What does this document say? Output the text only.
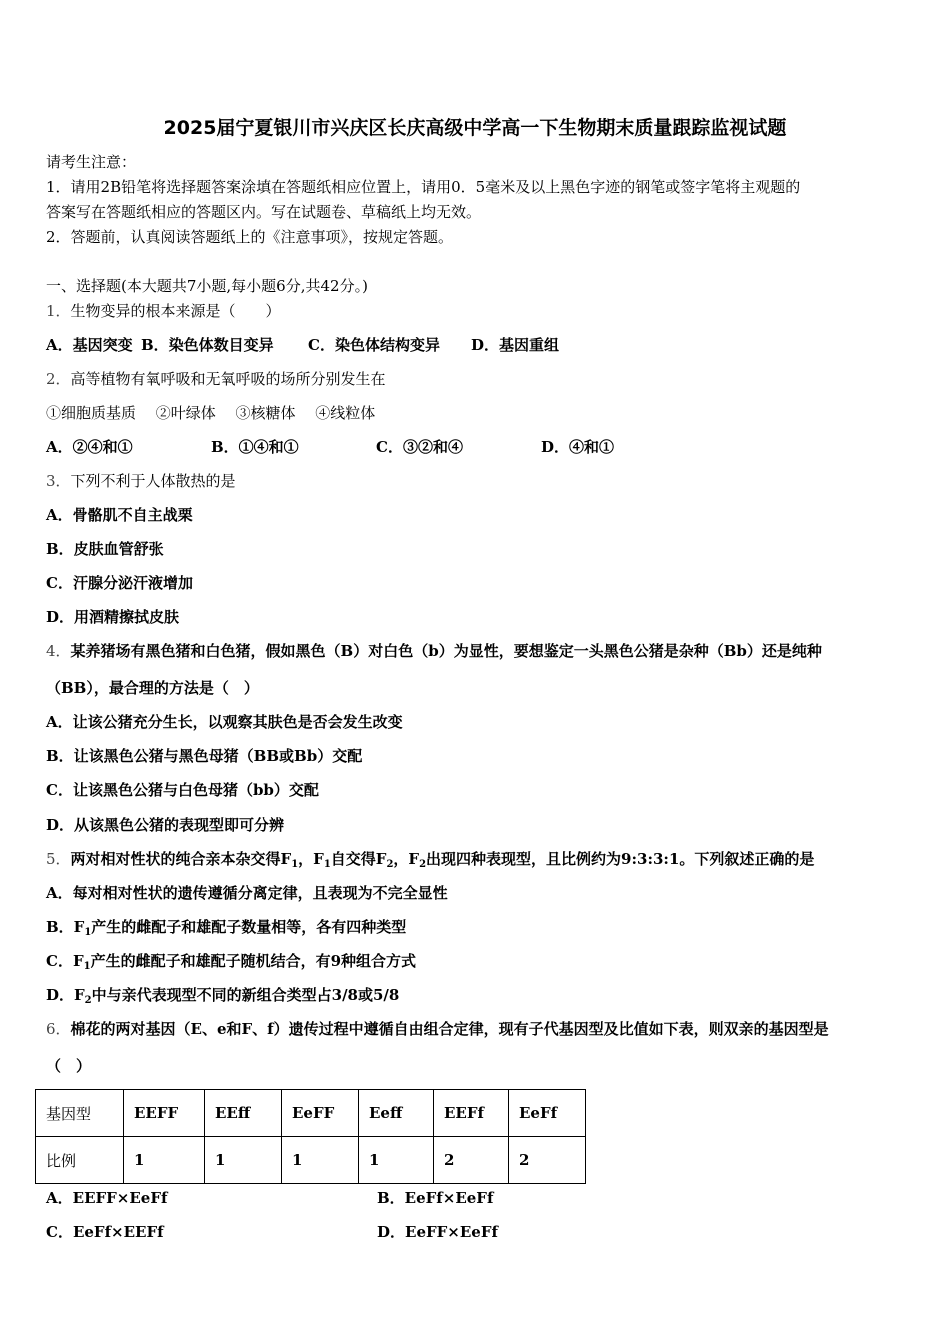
2025届宁夏银川市兴庆区长庆高级中学高一下生物期末质量跟踪监视试题
请考生注意：
1．请用2B铅笔将选择题答案涂填在答题纸相应位置上，请用0．5毫米及以上黑色字迹的钢笔或签字笔将主观题的
答案写在答题纸相应的答题区内。写在试题卷、草稿纸上均无效。
2．答题前，认真阅读答题纸上的《注意事项》，按规定答题。
一、选择题(本大题共7小题,每小题6分,共42分。)
1．生物变异的根本来源是（　　）
A．基因突变 B．染色体数目变异 C．染色体结构变异 D．基因重组
2．高等植物有氧呼吸和无氧呼吸的场所分别发生在
①细胞质基质　 ②叶绿体　 ③核糖体　 ④线粒体
A．②④和①	B．①④和①	C．③②和④	D．④和①
3．下列不利于人体散热的是
A．骨骼肌不自主战栗
B．皮肤血管舒张
C．汗腺分泌汗液增加
D．用酒精擦拭皮肤
4．某养猪场有黑色猪和白色猪，假如黑色（B）对白色（b）为显性，要想鉴定一头黑色公猪是杂种（Bb）还是纯种
（BB），最合理的方法是（　）
A．让该公猪充分生长，以观察其肤色是否会发生改变
B．让该黑色公猪与黑色母猪（BB或Bb）交配
C．让该黑色公猪与白色母猪（bb）交配
D．从该黑色公猪的表现型即可分辨
5．两对相对性状的纯合亲本杂交得$F_1$，$F_1$自交得$F_2$，$F_2$出现四种表现型，且比例约为9:3:3:1。下列叙述正确的是
A．每对相对性状的遗传遵循分离定律，且表现为不完全显性
B．$F_1$产生的雌配子和雄配子数量相等，各有四种类型
C．$F_1$产生的雌配子和雄配子随机结合，有9种组合方式
D．$F_2$中与亲代表现型不同的新组合类型占3/8或5/8
6．棉花的两对基因（E、e和F、f）遗传过程中遵循自由组合定律，现有子代基因型及比值如下表，则双亲的基因型是
（　）
基因型	EEFF	EEff	EeFF	Eeff	EEFf	EeFf
比例	1	1	1	1	2	2
A．EEFF×EeFf	B．EeFf×EeFf
C．EeFf×EEFf	D．EeFF×EeFf
